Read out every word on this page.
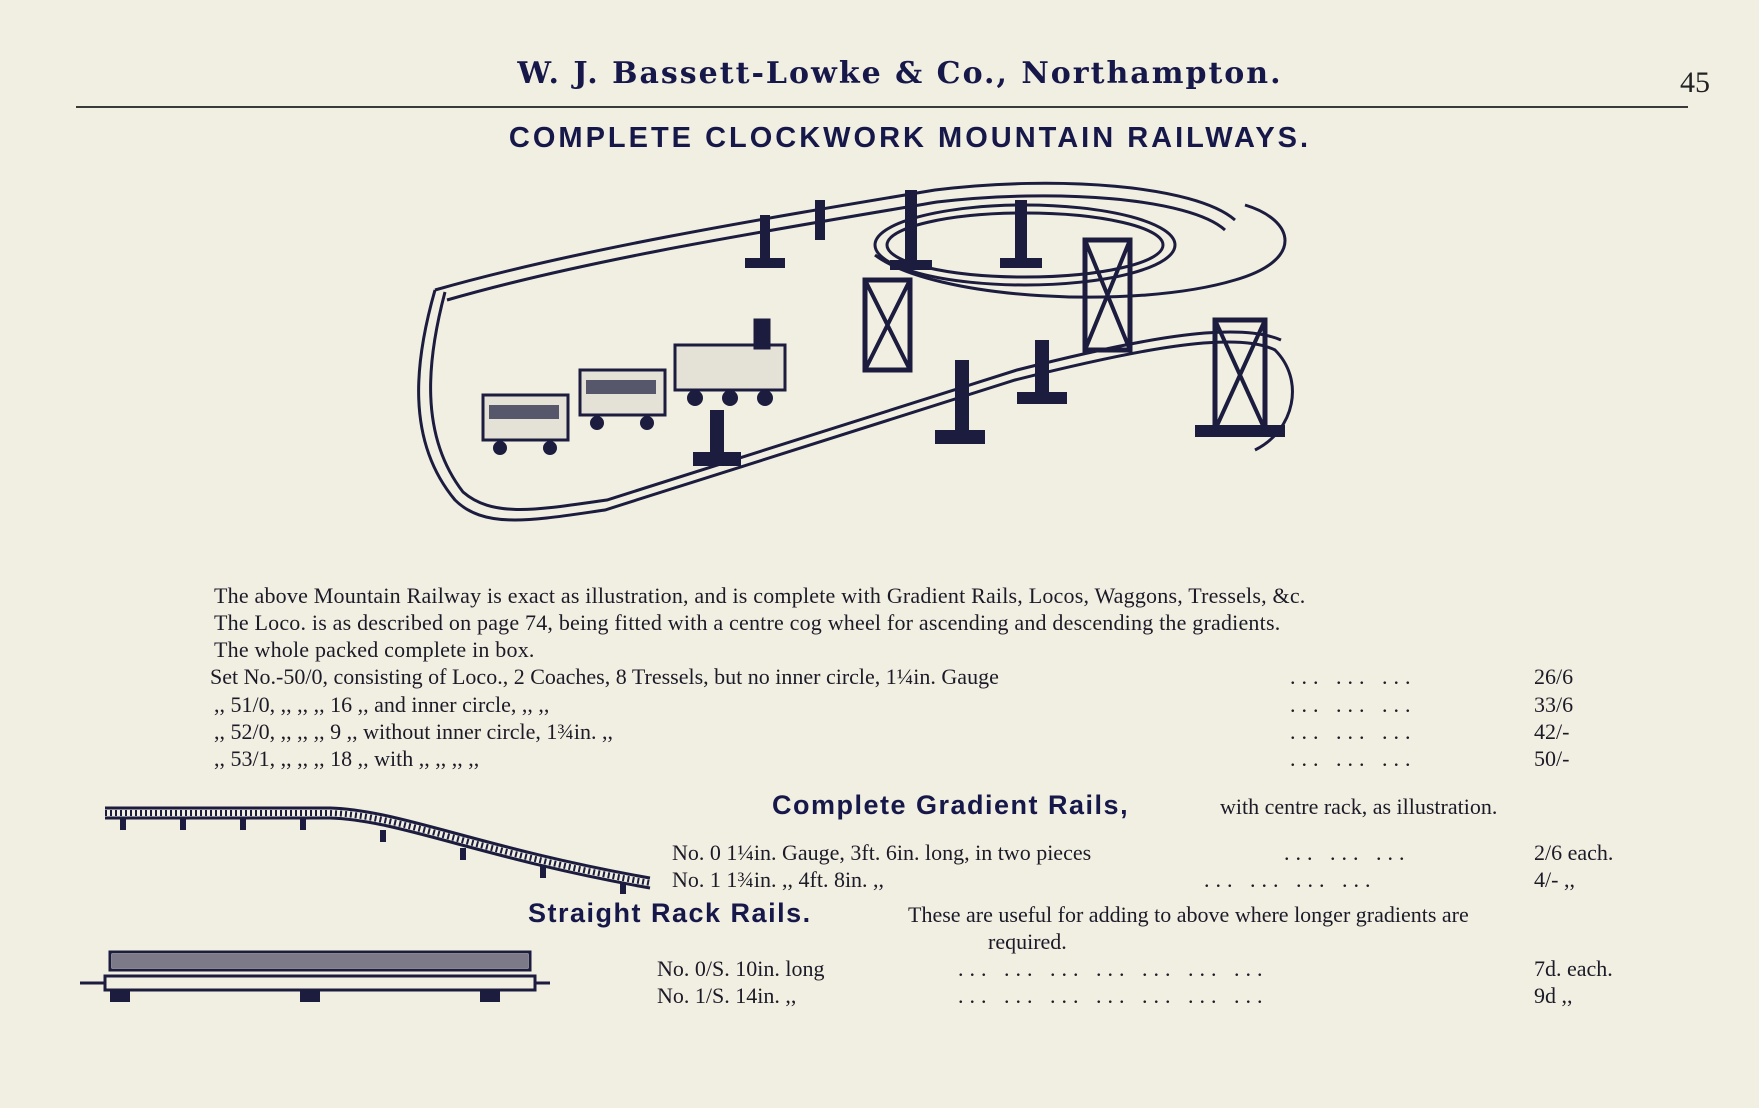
W. J. Bassett-Lowke & Co., Northampton.	45
COMPLETE CLOCKWORK MOUNTAIN RAILWAYS.
The above Mountain Railway is exact as illustration, and is complete with Gradient Rails, Locos, Waggons, Tressels, &c.
The Loco. is as described on page 74, being fitted with a centre cog wheel for ascending and descending the gradients.
The whole packed complete in box.
Set No.-50/0, consisting of Loco., 2 Coaches, 8 Tressels, but no inner circle, 1¼in. Gauge	... ... ...	26/6
,, 51/0, ,, ,, ,, 16 ,, and inner circle, ,, ,,	... ... ...	33/6
,, 52/0, ,, ,, ,, 9 ,, without inner circle, 1¾in. ,,	... ... ...	42/-
,, 53/1, ,, ,, ,, 18 ,, with ,, ,, ,, ,,	... ... ...	50/-
Complete Gradient Rails,	with centre rack, as illustration.
No. 0 1¼in. Gauge, 3ft. 6in. long, in two pieces	... ... ...	2/6 each.
No. 1 1¾in. ,, 4ft. 8in. ,,	... ... ... ...	4/- ,,
Straight Rack Rails.	These are useful for adding to above where longer gradients are
required.
No. 0/S. 10in. long	... ... ... ... ... ... ...	7d. each.
No. 1/S. 14in. ,,	... ... ... ... ... ... ...	9d ,,
